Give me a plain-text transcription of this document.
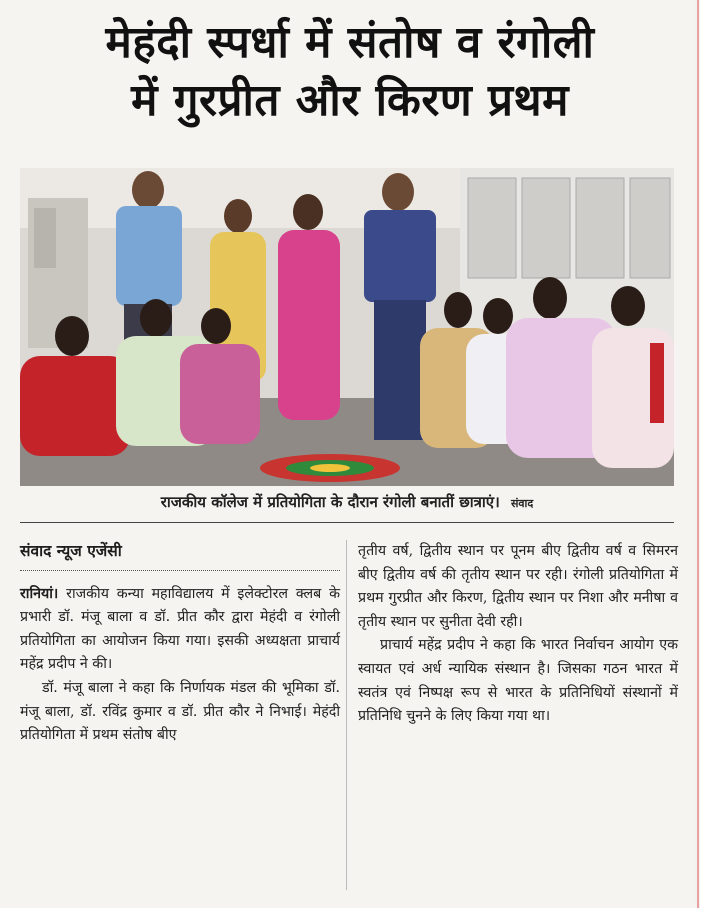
मेहंदी स्पर्धा में संतोष व रंगोली
में गुरप्रीत और किरण प्रथम
राजकीय कॉलेज में प्रतियोगिता के दौरान रंगोली बनातीं छात्राएं। संवाद
संवाद न्यूज एजेंसी

रानियां। राजकीय कन्या महाविद्यालय में इलेक्टोरल क्लब के प्रभारी डॉ. मंजू बाला व डॉ. प्रीत कौर द्वारा मेहंदी व रंगोली प्रतियोगिता का आयोजन किया गया। इसकी अध्यक्षता प्राचार्य महेंद्र प्रदीप ने की।

डॉ. मंजू बाला ने कहा कि निर्णायक मंडल की भूमिका डॉ. मंजू बाला, डॉ. रविंद्र कुमार व डॉ. प्रीत कौर ने निभाई। मेहंदी प्रतियोगिता में प्रथम संतोष बीए

तृतीय वर्ष, द्वितीय स्थान पर पूनम बीए द्वितीय वर्ष व सिमरन बीए द्वितीय वर्ष की तृतीय स्थान पर रही। रंगोली प्रतियोगिता में प्रथम गुरप्रीत और किरण, द्वितीय स्थान पर निशा और मनीषा व तृतीय स्थान पर सुनीता देवी रही।

प्राचार्य महेंद्र प्रदीप ने कहा कि भारत निर्वाचन आयोग एक स्वायत एवं अर्ध न्यायिक संस्थान है। जिसका गठन भारत में स्वतंत्र एवं निष्पक्ष रूप से भारत के प्रतिनिधियों संस्थानों में प्रतिनिधि चुनने के लिए किया गया था।
